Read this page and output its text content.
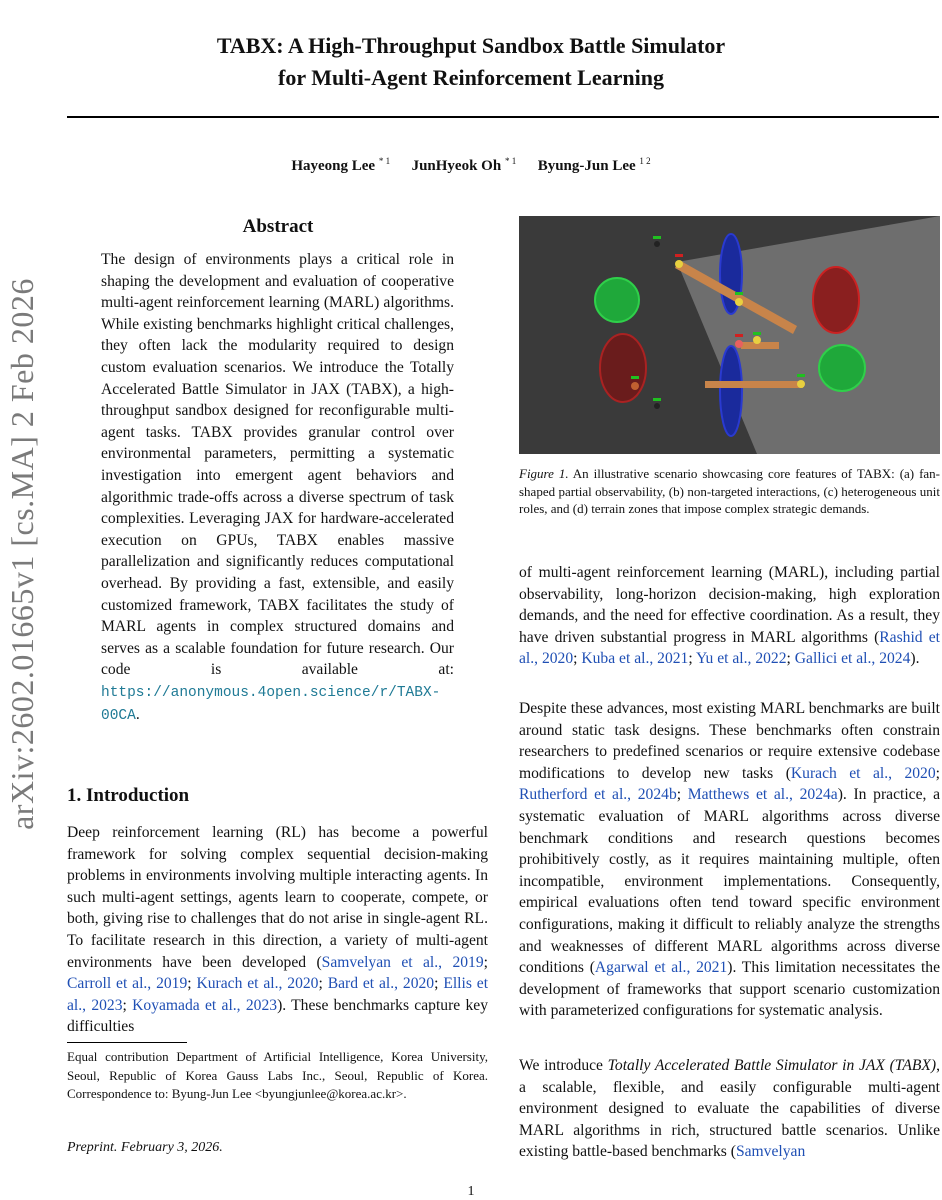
TABX: A High-Throughput Sandbox Battle Simulator
for Multi-Agent Reinforcement Learning
Hayeong Lee $^{* 1}$ JunHyeok Oh $^{* 1}$ Byung-Jun Lee $^{1 2}$
arXiv:2602.01665v1 [cs.MA] 2 Feb 2026
Abstract
The design of environments plays a critical role in shaping the development and evaluation of cooperative multi-agent reinforcement learning (MARL) algorithms. While existing benchmarks highlight critical challenges, they often lack the modularity required to design custom evaluation scenarios. We introduce the Totally Accelerated Battle Simulator in JAX (TABX), a high-throughput sandbox designed for reconfigurable multi-agent tasks. TABX provides granular control over environmental parameters, permitting a systematic investigation into emergent agent behaviors and algorithmic trade-offs across a diverse spectrum of task complexities. Leveraging JAX for hardware-accelerated execution on GPUs, TABX enables massive parallelization and significantly reduces computational overhead. By providing a fast, extensible, and easily customized framework, TABX facilitates the study of MARL agents in complex structured domains and serves as a scalable foundation for future research. Our code is available at: https://anonymous.4open.science/r/TABX-00CA.
1. Introduction
Deep reinforcement learning (RL) has become a powerful framework for solving complex sequential decision-making problems in environments involving multiple interacting agents. In such multi-agent settings, agents learn to cooperate, compete, or both, giving rise to challenges that do not arise in single-agent RL. To facilitate research in this direction, a variety of multi-agent environments have been developed (Samvelyan et al., 2019; Carroll et al., 2019; Kurach et al., 2020; Bard et al., 2020; Ellis et al., 2023; Koyamada et al., 2023). These benchmarks capture key difficulties
Equal contribution Department of Artificial Intelligence, Korea University, Seoul, Republic of Korea Gauss Labs Inc., Seoul, Republic of Korea. Correspondence to: Byung-Jun Lee <byungjunlee@korea.ac.kr>.
Preprint. February 3, 2026.
1
Figure 1. An illustrative scenario showcasing core features of TABX: (a) fan-shaped partial observability, (b) non-targeted interactions, (c) heterogeneous unit roles, and (d) terrain zones that impose complex strategic demands.
of multi-agent reinforcement learning (MARL), including partial observability, long-horizon decision-making, high exploration demands, and the need for effective coordination. As a result, they have driven substantial progress in MARL algorithms (Rashid et al., 2020; Kuba et al., 2021; Yu et al., 2022; Gallici et al., 2024).
Despite these advances, most existing MARL benchmarks are built around static task designs. These benchmarks often constrain researchers to predefined scenarios or require extensive codebase modifications to develop new tasks (Kurach et al., 2020; Rutherford et al., 2024b; Matthews et al., 2024a). In practice, a systematic evaluation of MARL algorithms across diverse benchmark conditions and research questions becomes prohibitively costly, as it requires maintaining multiple, often incompatible, environment implementations. Consequently, empirical evaluations often tend toward specific environment configurations, making it difficult to reliably analyze the strengths and weaknesses of different MARL algorithms across diverse conditions (Agarwal et al., 2021). This limitation necessitates the development of frameworks that support scenario customization with parameterized configurations for systematic analysis.
We introduce Totally Accelerated Battle Simulator in JAX (TABX), a scalable, flexible, and easily configurable multi-agent environment designed to evaluate the capabilities of diverse MARL algorithms in rich, structured battle scenarios. Unlike existing battle-based benchmarks (Samvelyan
